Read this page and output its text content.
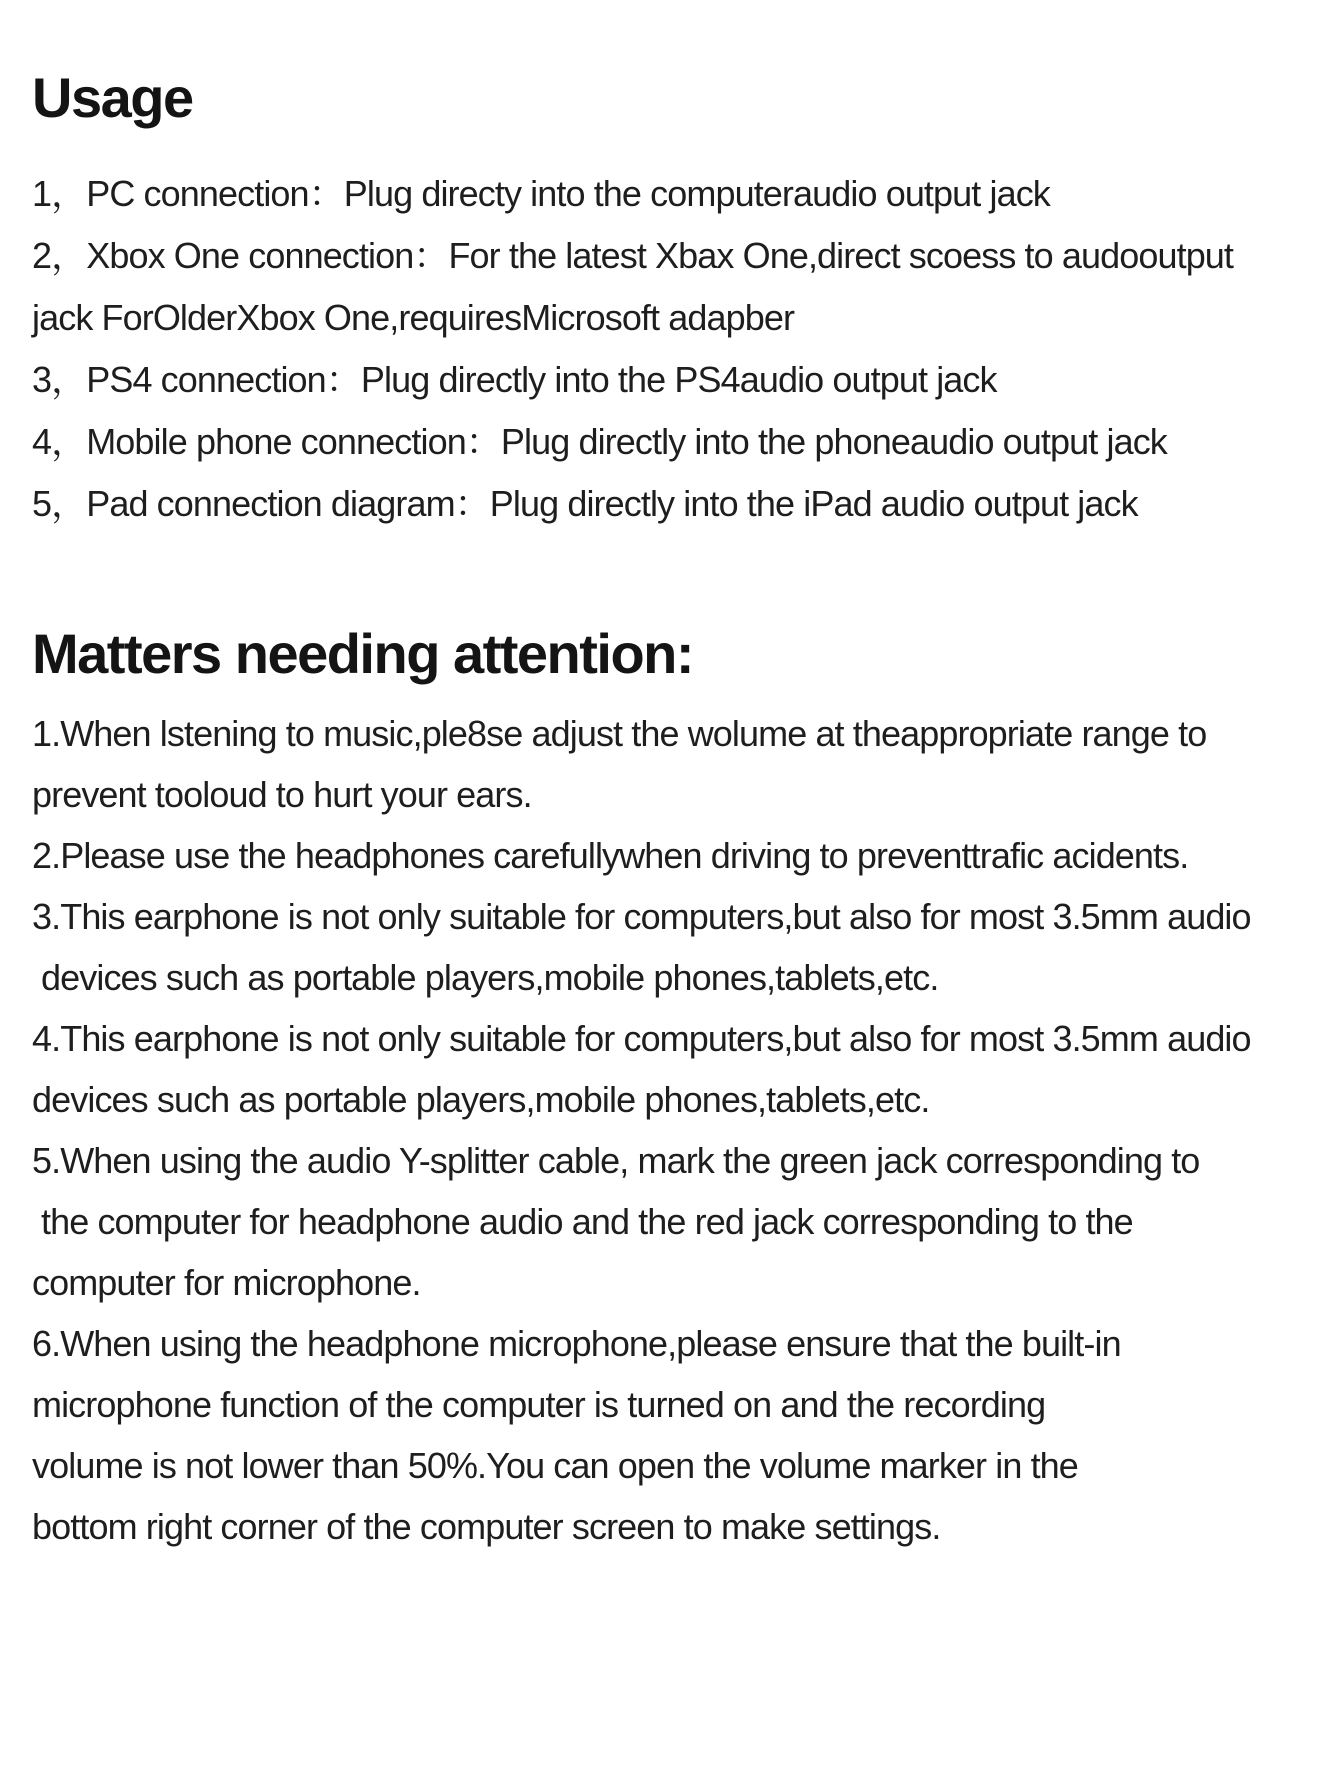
Usage

1，PC connection：Plug directy into the computeraudio output jack

2，Xbox One connection：For the latest Xbax One,direct scoess to audooutput

jack ForOlderXbox One,requiresMicrosoft adapber

3，PS4 connection：Plug directly into the PS4audio output jack

4，Mobile phone connection：Plug directly into the phoneaudio output jack

5，Pad connection diagram：Plug directly into the iPad audio output jack

Matters needing attention:

1.When lstening to music,ple8se adjust the wolume at theappropriate range to

prevent tooloud to hurt your ears.

2.Please use the headphones carefullywhen driving to preventtrafic acidents.

3.This earphone is not only suitable for computers,but also for most 3.5mm audio

devices such as portable players,mobile phones,tablets,etc.

4.This earphone is not only suitable for computers,but also for most 3.5mm audio

devices such as portable players,mobile phones,tablets,etc.

5.When using the audio Y-splitter cable, mark the green jack corresponding to

the computer for headphone audio and the red jack corresponding to the

computer for microphone.

6.When using the headphone microphone,please ensure that the built-in

microphone function of the computer is turned on and the recording

volume is not lower than 50%.You can open the volume marker in the

bottom right corner of the computer screen to make settings.
